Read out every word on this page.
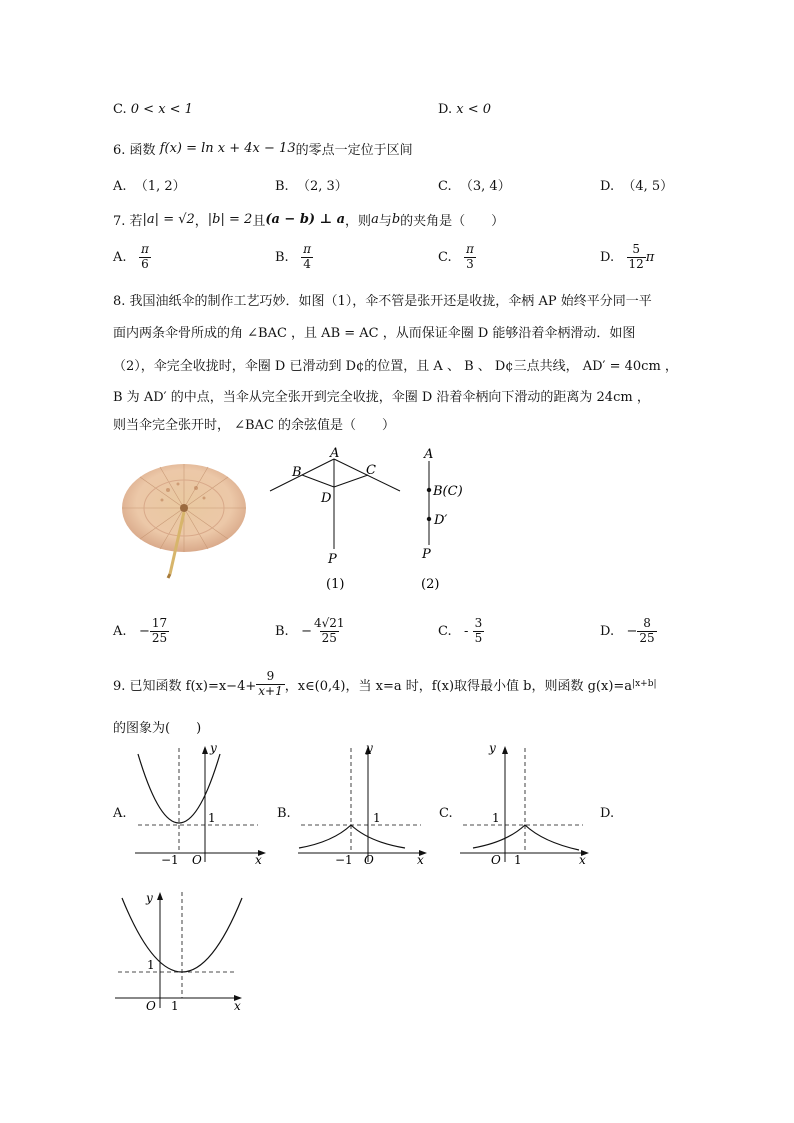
C.
0 < x < 1	D.
x < 0
6. 函数
f(x) = ln x + 4x − 13 的零点一定位于区间
A. （1, 2）	B. （2, 3）	C. （3, 4）	D. （4, 5）
7. 若 |a| = √2 ， |b| = 2 且 (a − b) ⊥ a ，则 a 与 b 的夹角是（　　）
A.
$\frac{\pi}{6}$	B.
$\frac{\pi}{4}$	C.
$\frac{\pi}{3}$	D.
$\frac{5}{12}$ π
8. 我国油纸伞的制作工艺巧妙．如图（1），伞不管是张开还是收拢，伞柄 AP 始终平分同一平
面内两条伞骨所成的角 ∠BAC ，且 AB = AC ，从而保证伞圈 D 能够沿着伞柄滑动．如图
（2），伞完全收拢时，伞圈 D 已滑动到 D¢的位置，且 A 、 B 、 D¢三点共线， AD′ = 40cm ，
B 为 AD′ 的中点，当伞从完全张开到完全收拢，伞圈 D 沿着伞柄向下滑动的距离为 24cm ，
则当伞完全张开时， ∠BAC 的余弦值是（　　）
A
B	C
D
P
(1)
A
B(C)
D′
P
(2)
A.
− $\frac{17}{25}$	B.
− $\frac{4√21}{25}$	C.
-
$\frac{3}{5}$	D.
− $\frac{8}{25}$
9. 已知函数 $f(x)=x-4+ \frac{9}{x+1}$ ，x∈(0,4)，当 x=a 时，f(x)取得最小值 b，则函数 g(x)=a |x+b|
的图象为(　　)
A.	B.	C.	D.
y
x
O
−1
1
y
x
O
−1
1
y
x
O 1
1
y
x
O 1
1
